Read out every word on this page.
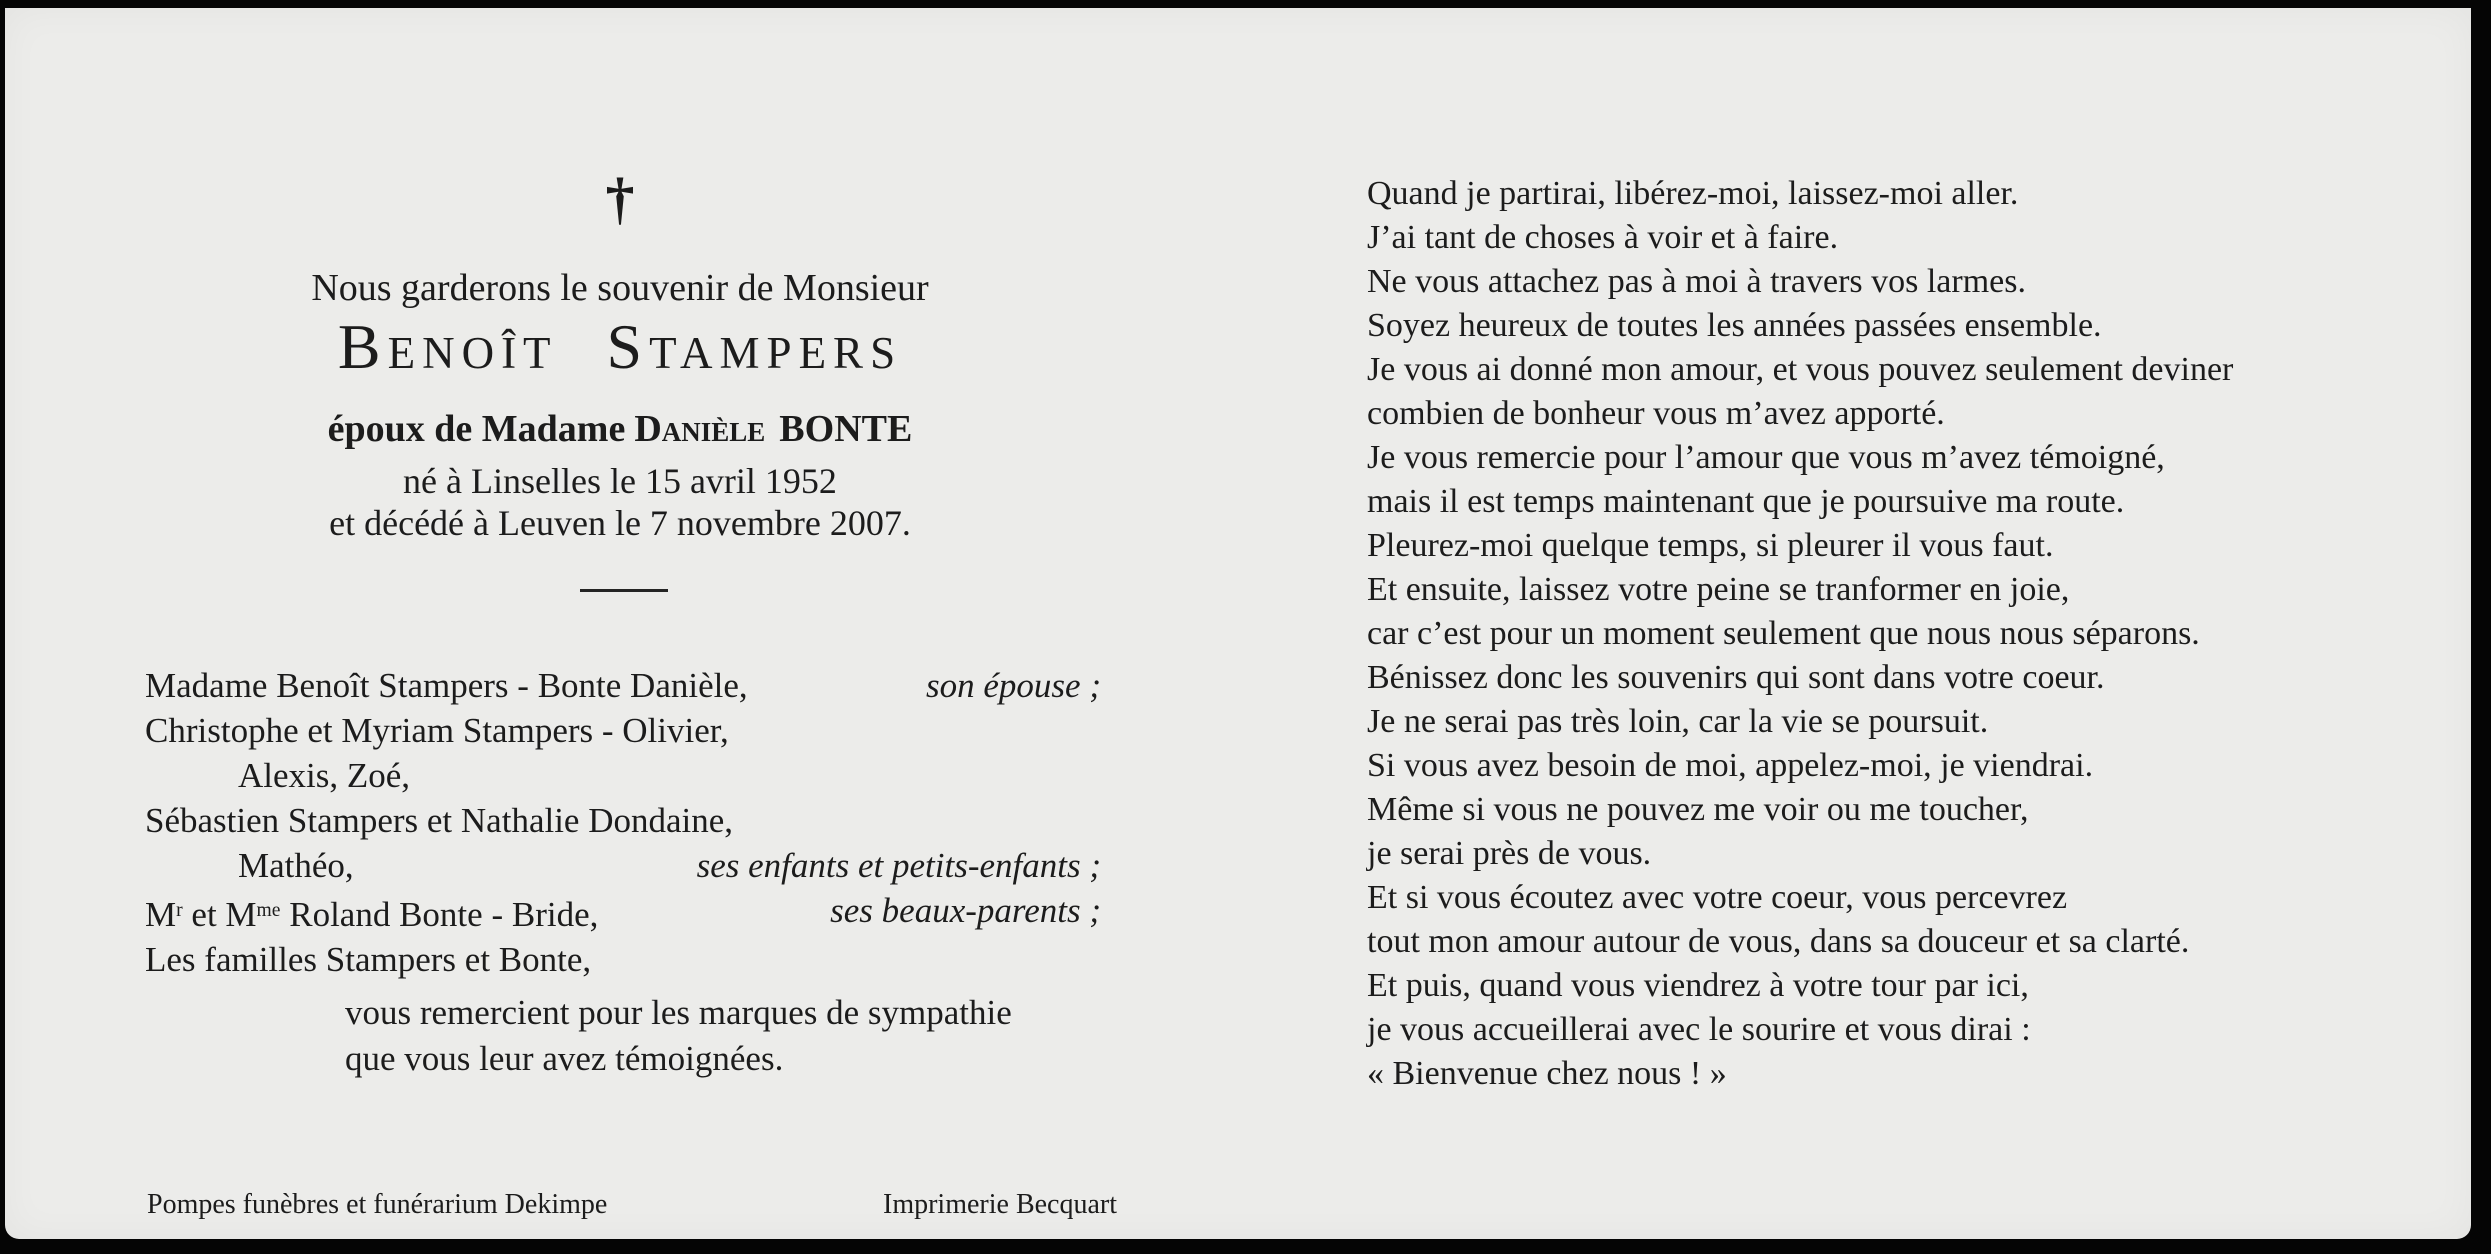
†
Nous garderons le souvenir de Monsieur
Benoît Stampers
époux de Madame Danièle BONTE
né à Linselles le 15 avril 1952
et décédé à Leuven le 7 novembre 2007.
Madame Benoît Stampers - Bonte Danièle,	son épouse ;
Christophe et Myriam Stampers - Olivier,
Alexis, Zoé,
Sébastien Stampers et Nathalie Dondaine,
Mathéo,	ses enfants et petits-enfants ;
$M^r$ et $M^{me}$ Roland Bonte - Bride,	ses beaux-parents ;
Les familles Stampers et Bonte,
vous remercient pour les marques de sympathie
que vous leur avez témoignées.
Pompes funèbres et funérarium Dekimpe	Imprimerie Becquart
Quand je partirai, libérez-moi, laissez-moi aller.
J’ai tant de choses à voir et à faire.
Ne vous attachez pas à moi à travers vos larmes.
Soyez heureux de toutes les années passées ensemble.
Je vous ai donné mon amour, et vous pouvez seulement deviner
combien de bonheur vous m’avez apporté.
Je vous remercie pour l’amour que vous m’avez témoigné,
mais il est temps maintenant que je poursuive ma route.
Pleurez-moi quelque temps, si pleurer il vous faut.
Et ensuite, laissez votre peine se tranformer en joie,
car c’est pour un moment seulement que nous nous séparons.
Bénissez donc les souvenirs qui sont dans votre coeur.
Je ne serai pas très loin, car la vie se poursuit.
Si vous avez besoin de moi, appelez-moi, je viendrai.
Même si vous ne pouvez me voir ou me toucher,
je serai près de vous.
Et si vous écoutez avec votre coeur, vous percevrez
tout mon amour autour de vous, dans sa douceur et sa clarté.
Et puis, quand vous viendrez à votre tour par ici,
je vous accueillerai avec le sourire et vous dirai :
« Bienvenue chez nous ! »
